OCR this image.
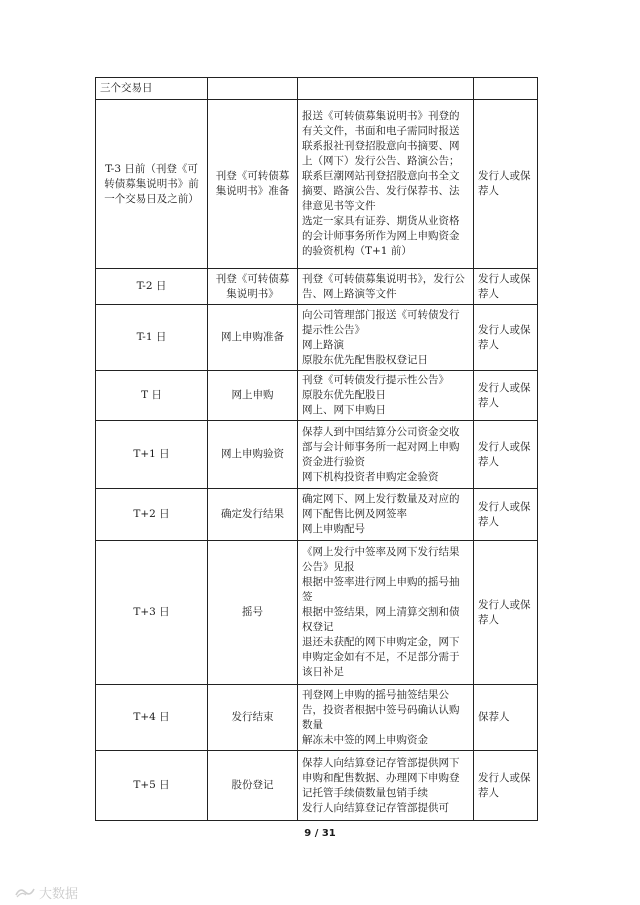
三个交易日			
T-3 日前（刊登《可转债募集说明书》前一个交易日及之前）	刊登《可转债募集说明书》准备	报送《可转债募集说明书》刊登的有关文件，书面和电子需同时报送
联系报社刊登招股意向书摘要、网上（网下）发行公告、路演公告；
联系巨潮网站刊登招股意向书全文摘要、路演公告、发行保荐书、法律意见书等文件
选定一家具有证券、期货从业资格的会计师事务所作为网上申购资金的验资机构（T+1 前）	发行人或保荐人
T-2 日	刊登《可转债募集说明书》	刊登《可转债募集说明书》，发行公告、网上路演等文件	发行人或保荐人
T-1 日	网上申购准备	向公司管理部门报送《可转债发行提示性公告》
网上路演
原股东优先配售股权登记日	发行人或保荐人
T 日	网上申购	刊登《可转债发行提示性公告》
原股东优先配股日
网上、网下申购日	发行人或保荐人
T+1 日	网上申购验资	保荐人到中国结算分公司资金交收部与会计师事务所一起对网上申购资金进行验资
网下机构投资者申购定金验资	发行人或保荐人
T+2 日	确定发行结果	确定网下、网上发行数量及对应的网下配售比例及网签率
网上申购配号	发行人或保荐人
T+3 日	摇号	《网上发行中签率及网下发行结果公告》见报
根据中签率进行网上申购的摇号抽签
根据中签结果，网上清算交割和债权登记
退还未获配的网下申购定金，网下申购定金如有不足，不足部分需于该日补足	发行人或保荐人
T+4 日	发行结束	刊登网上申购的摇号抽签结果公告，投资者根据中签号码确认认购数量
解冻未中签的网上申购资金	保荐人
T+5 日	股份登记	保荐人向结算登记存管部提供网下申购和配售数据、办理网下申购登记托管手续债数量包销手续
发行人向结算登记存管部提供可	发行人或保荐人
9 / 31
大数据
